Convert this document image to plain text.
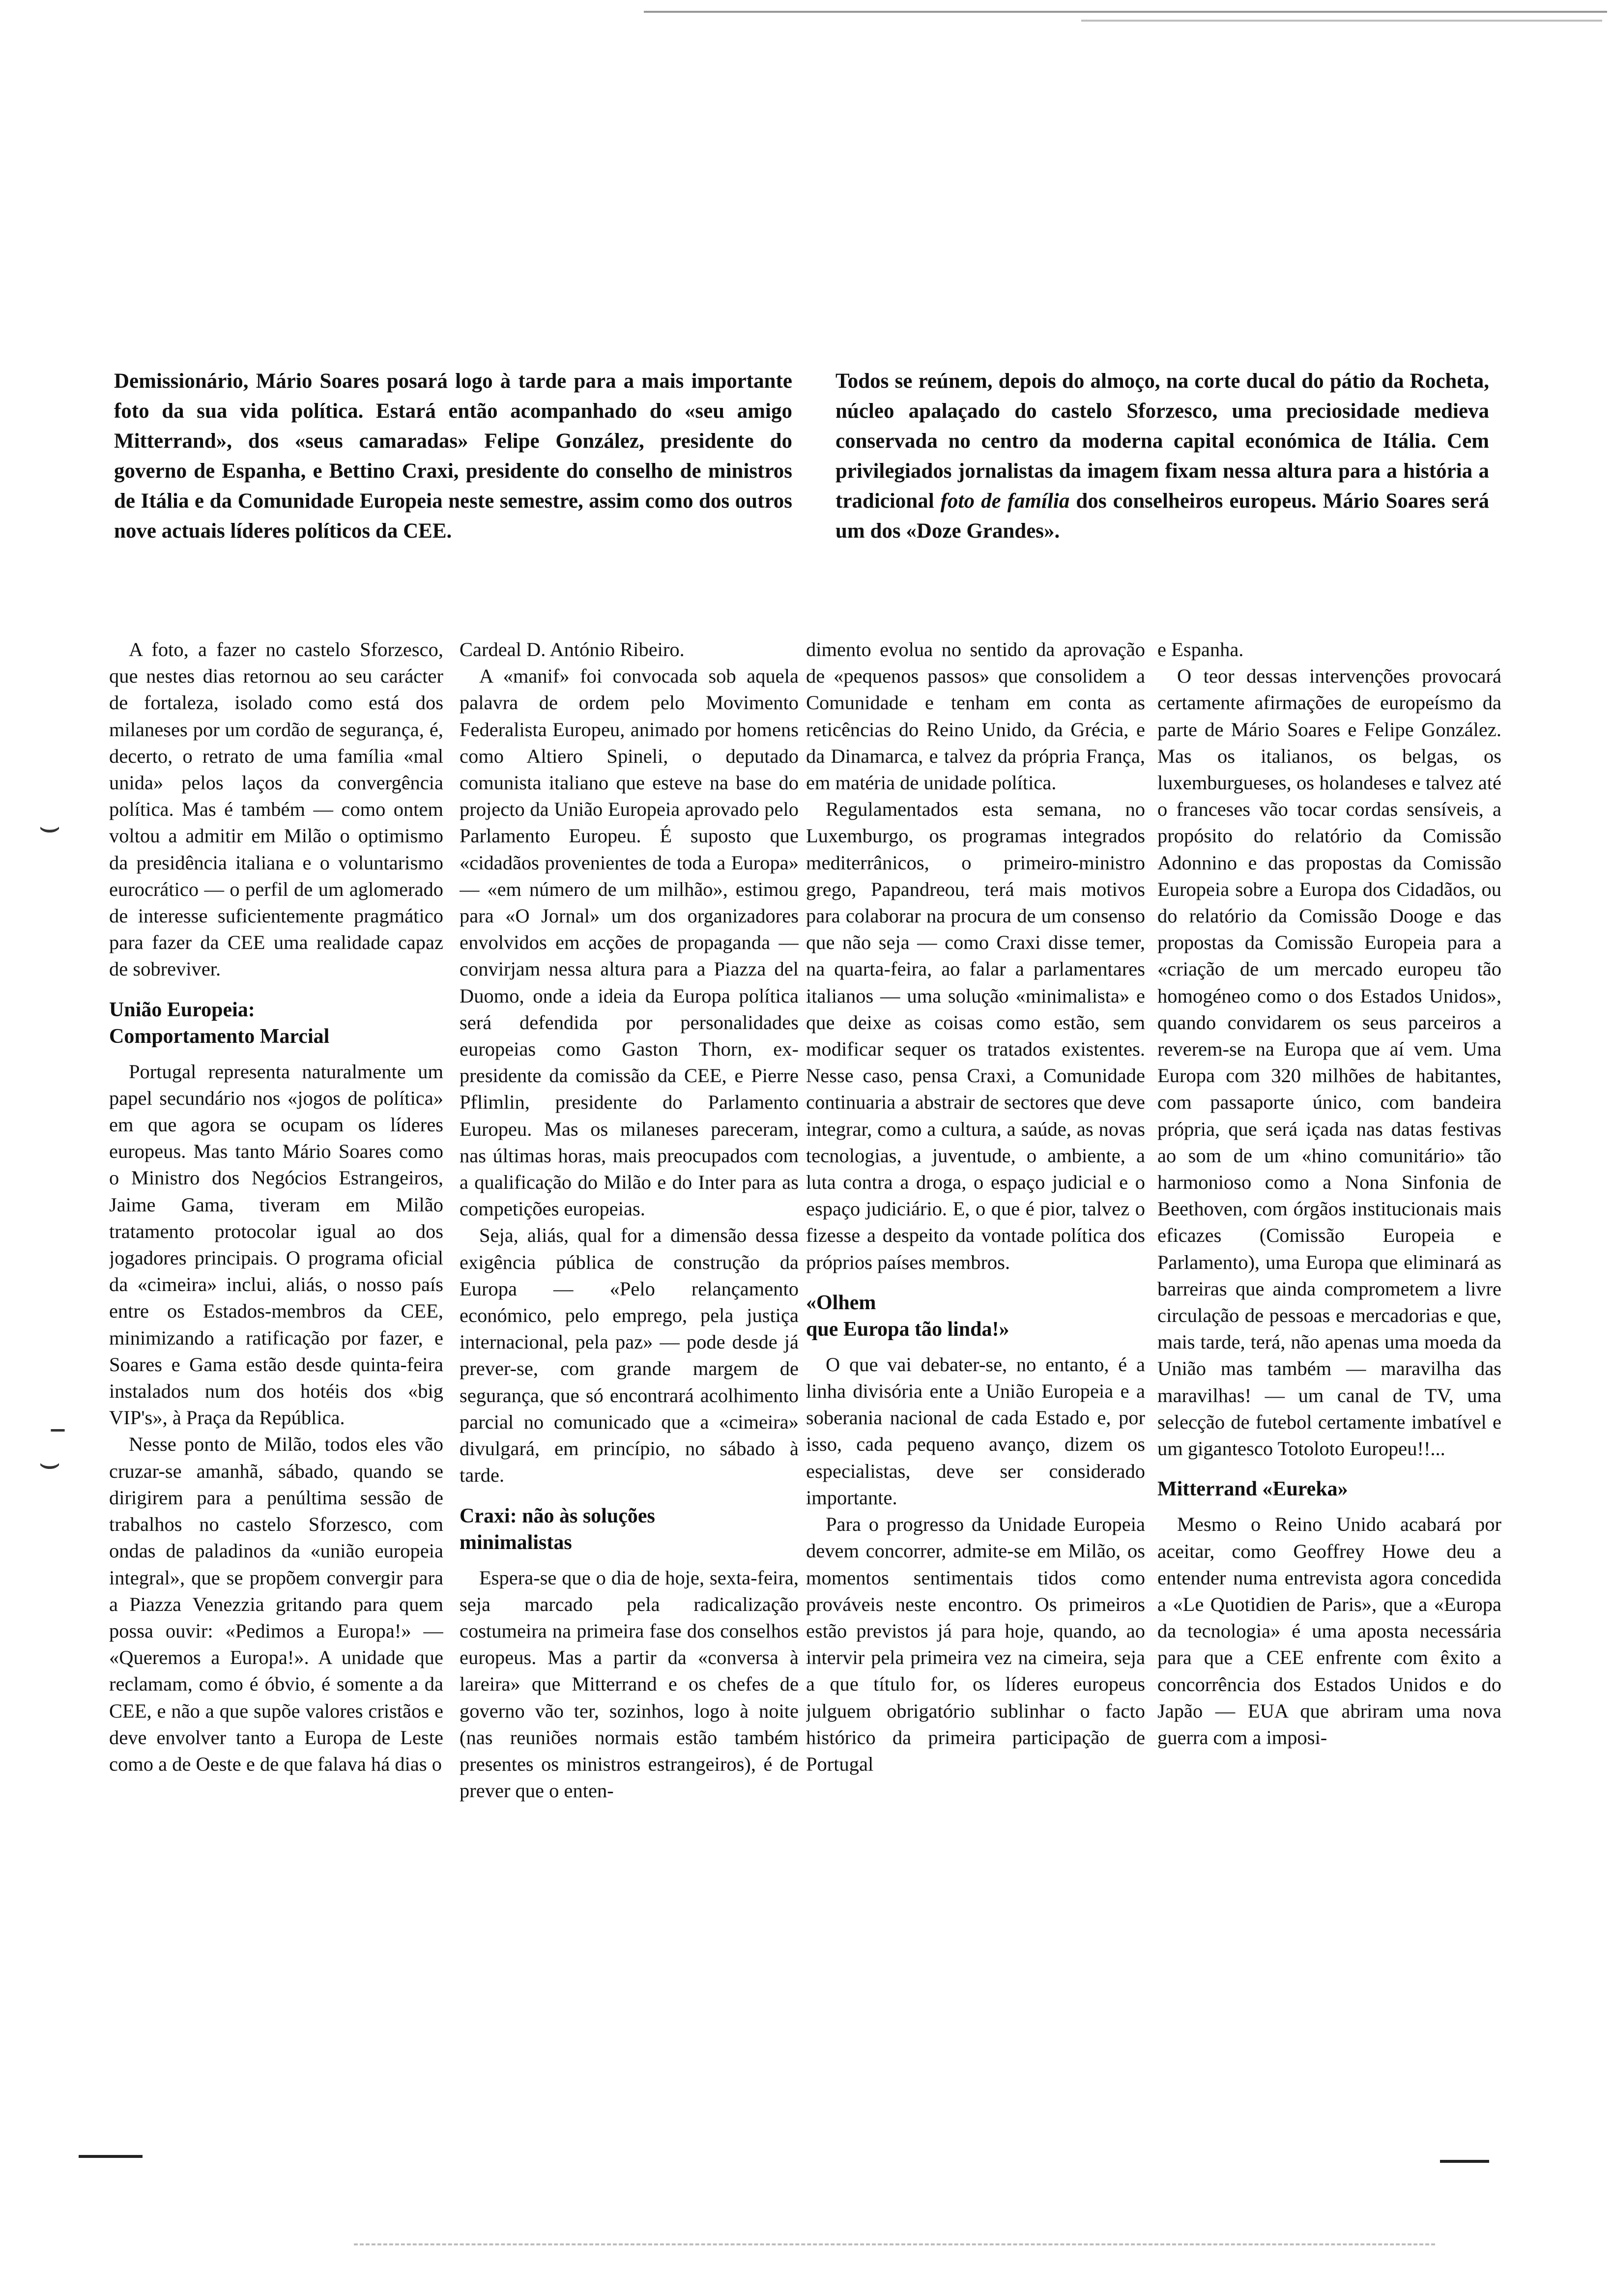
⌣
–
⌣
Demissionário, Mário Soares posará logo à tarde para a mais importante foto da sua vida política. Estará então acompanhado do «seu amigo Mitterrand», dos «seus camaradas» Felipe González, presidente do governo de Espanha, e Bettino Craxi, presidente do conselho de ministros de Itália e da Comunidade Europeia neste semestre, assim como dos outros nove actuais líderes políticos da CEE.
Todos se reúnem, depois do almoço, na corte ducal do pátio da Rocheta, núcleo apalaçado do castelo Sforzesco, uma preciosidade medieva conservada no centro da moderna capital económica de Itália. Cem privilegiados jornalistas da imagem fixam nessa altura para a história a tradicional foto de família dos conselheiros europeus. Mário Soares será um dos «Doze Grandes».

A foto, a fazer no castelo Sforzesco, que nestes dias retornou ao seu carácter de fortaleza, isolado como está dos milaneses por um cordão de segurança, é, decerto, o retrato de uma família «mal unida» pelos laços da convergência política. Mas é também — como ontem voltou a admitir em Milão o optimismo da presidência italiana e o voluntarismo eurocrático — o perfil de um aglomerado de interesse suficientemente pragmático para fazer da CEE uma realidade capaz de sobreviver.

União Europeia:
Comportamento Marcial

Portugal representa naturalmente um papel secundário nos «jogos de política» em que agora se ocupam os líderes europeus. Mas tanto Mário Soares como o Ministro dos Negócios Estrangeiros, Jaime Gama, tiveram em Milão tratamento protocolar igual ao dos jogadores principais. O programa oficial da «cimeira» inclui, aliás, o nosso país entre os Estados-membros da CEE, minimizando a ratificação por fazer, e Soares e Gama estão desde quinta-feira instalados num dos hotéis dos «big VIP's», à Praça da República.

Nesse ponto de Milão, todos eles vão cruzar-se amanhã, sábado, quando se dirigirem para a penúltima sessão de trabalhos no castelo Sforzesco, com ondas de paladinos da «união europeia integral», que se propõem convergir para a Piazza Venezzia gritando para quem possa ouvir: «Pedimos a Europa!» — «Queremos a Europa!». A unidade que reclamam, como é óbvio, é somente a da CEE, e não a que supõe valores cristãos e deve envolver tanto a Europa de Leste como a de Oeste e de que falava há dias o

Cardeal D. António Ribeiro.

A «manif» foi convocada sob aquela palavra de ordem pelo Movimento Federalista Europeu, animado por homens como Altiero Spineli, o deputado comunista italiano que esteve na base do projecto da União Europeia aprovado pelo Parlamento Europeu. É suposto que «cidadãos provenientes de toda a Europa» — «em número de um milhão», estimou para «O Jornal» um dos organizadores envolvidos em acções de propaganda — convirjam nessa altura para a Piazza del Duomo, onde a ideia da Europa política será defendida por personalidades europeias como Gaston Thorn, ex-presidente da comissão da CEE, e Pierre Pflimlin, presidente do Parlamento Europeu. Mas os milaneses pareceram, nas últimas horas, mais preocupados com a qualificação do Milão e do Inter para as competições europeias.

Seja, aliás, qual for a dimensão dessa exigência pública de construção da Europa — «Pelo relançamento económico, pelo emprego, pela justiça internacional, pela paz» — pode desde já prever-se, com grande margem de segurança, que só encontrará acolhimento parcial no comunicado que a «cimeira» divulgará, em princípio, no sábado à tarde.

Craxi: não às soluções
minimalistas

Espera-se que o dia de hoje, sexta-feira, seja marcado pela radicalização costumeira na primeira fase dos conselhos europeus. Mas a partir da «conversa à lareira» que Mitterrand e os chefes de governo vão ter, sozinhos, logo à noite (nas reuniões normais estão também presentes os ministros estrangeiros), é de prever que o enten-

dimento evolua no sentido da aprovação de «pequenos passos» que consolidem a Comunidade e tenham em conta as reticências do Reino Unido, da Grécia, e da Dinamarca, e talvez da própria França, em matéria de unidade política.

Regulamentados esta semana, no Luxemburgo, os programas integrados mediterrânicos, o primeiro-ministro grego, Papandreou, terá mais motivos para colaborar na procura de um consenso que não seja — como Craxi disse temer, na quarta-feira, ao falar a parlamentares italianos — uma solução «minimalista» e que deixe as coisas como estão, sem modificar sequer os tratados existentes. Nesse caso, pensa Craxi, a Comunidade continuaria a abstrair de sectores que deve integrar, como a cultura, a saúde, as novas tecnologias, a juventude, o ambiente, a luta contra a droga, o espaço judicial e o espaço judiciário. E, o que é pior, talvez o fizesse a despeito da vontade política dos próprios países membros.

«Olhem
que Europa tão linda!»

O que vai debater-se, no entanto, é a linha divisória ente a União Europeia e a soberania nacional de cada Estado e, por isso, cada pequeno avanço, dizem os especialistas, deve ser considerado importante.

Para o progresso da Unidade Europeia devem concorrer, admite-se em Milão, os momentos sentimentais tidos como prováveis neste encontro. Os primeiros estão previstos já para hoje, quando, ao intervir pela primeira vez na cimeira, seja a que título for, os líderes europeus julguem obrigatório sublinhar o facto histórico da primeira participação de Portugal

e Espanha.

O teor dessas intervenções provocará certamente afirmações de europeísmo da parte de Mário Soares e Felipe González. Mas os italianos, os belgas, os luxemburgueses, os holandeses e talvez até o franceses vão tocar cordas sensíveis, a propósito do relatório da Comissão Adonnino e das propostas da Comissão Europeia sobre a Europa dos Cidadãos, ou do relatório da Comissão Dooge e das propostas da Comissão Europeia para a «criação de um mercado europeu tão homogéneo como o dos Estados Unidos», quando convidarem os seus parceiros a reverem-se na Europa que aí vem. Uma Europa com 320 milhões de habitantes, com passaporte único, com bandeira própria, que será içada nas datas festivas ao som de um «hino comunitário» tão harmonioso como a Nona Sinfonia de Beethoven, com órgãos institucionais mais eficazes (Comissão Europeia e Parlamento), uma Europa que eliminará as barreiras que ainda comprometem a livre circulação de pessoas e mercadorias e que, mais tarde, terá, não apenas uma moeda da União mas também — maravilha das maravilhas! — um canal de TV, uma selecção de futebol certamente imbatível e um gigantesco Totoloto Europeu!!...

Mitterrand «Eureka»

Mesmo o Reino Unido acabará por aceitar, como Geoffrey Howe deu a entender numa entrevista agora concedida a «Le Quotidien de Paris», que a «Europa da tecnologia» é uma aposta necessária para que a CEE enfrente com êxito a concorrência dos Estados Unidos e do Japão — EUA que abriram uma nova guerra com a imposi-
